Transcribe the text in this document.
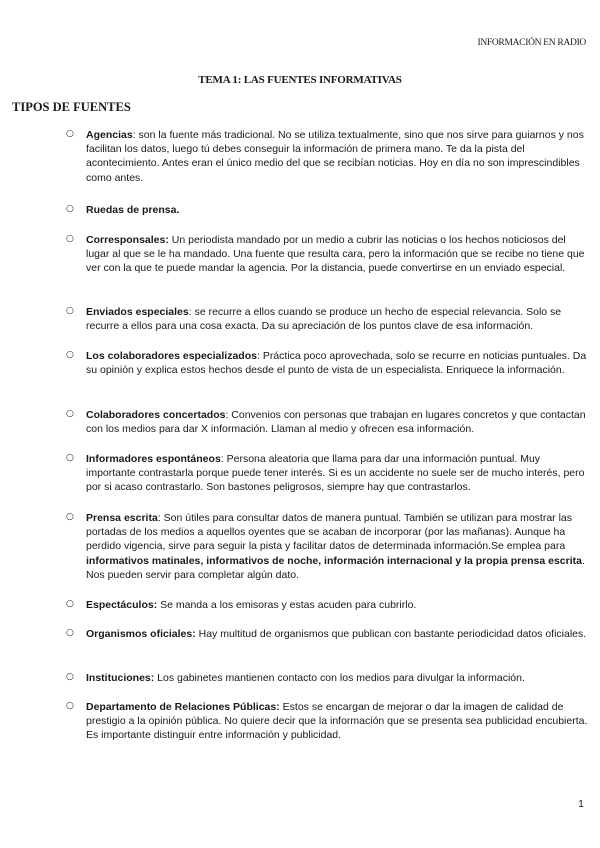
INFORMACIÓN EN RADIO
TEMA 1: LAS FUENTES INFORMATIVAS
TIPOS DE FUENTES
○ Agencias: son la fuente más tradicional. No se utiliza textualmente, sino que nos sirve para guiarnos y nos facilitan los datos, luego tú debes conseguir la información de primera mano. Te da la pista del acontecimiento. Antes eran el único medio del que se recibían noticias. Hoy en día no son imprescindibles como antes.
○ Ruedas de prensa.
○ Corresponsales: Un periodista mandado por un medio a cubrir las noticias o los hechos noticiosos del lugar al que se le ha mandado. Una fuente que resulta cara, pero la información que se recibe no tiene que ver con la que te puede mandar la agencia. Por la distancia, puede convertirse en un enviado especial.
○ Enviados especiales: se recurre a ellos cuando se produce un hecho de especial relevancia. Solo se recurre a ellos para una cosa exacta. Da su apreciación de los puntos clave de esa información.
○ Los colaboradores especializados: Práctica poco aprovechada, solo se recurre en noticias puntuales. Da su opinión y explica estos hechos desde el punto de vista de un especialista. Enriquece la información.
○ Colaboradores concertados: Convenios con personas que trabajan en lugares concretos y que contactan con los medios para dar X información. Llaman al medio y ofrecen esa información.
○ Informadores espontáneos: Persona aleatoria que llama para dar una información puntual. Muy importante contrastarla porque puede tener interés. Si es un accidente no suele ser de mucho interés, pero por si acaso contrastarlo. Son bastones peligrosos, siempre hay que contrastarlos.
○ Prensa escrita: Son útiles para consultar datos de manera puntual. También se utilizan para mostrar las portadas de los medios a aquellos oyentes que se acaban de incorporar (por las mañanas). Aunque ha perdido vigencia, sirve para seguir la pista y facilitar datos de determinada información.Se emplea para informativos matinales, informativos de noche, información internacional y la propia prensa escrita. Nos pueden servir para completar algún dato.
○ Espectáculos: Se manda a los emisoras y estas acuden para cubrirlo.
○ Organismos oficiales: Hay multitud de organismos que publican con bastante periodicidad datos oficiales.
○ Instituciones: Los gabinetes mantienen contacto con los medios para divulgar la información.
○ Departamento de Relaciones Públicas: Estos se encargan de mejorar o dar la imagen de calidad de prestigio a la opinión pública. No quiere decir que la información que se presenta sea publicidad encubierta. Es importante distinguir entre información y publicidad.
1
